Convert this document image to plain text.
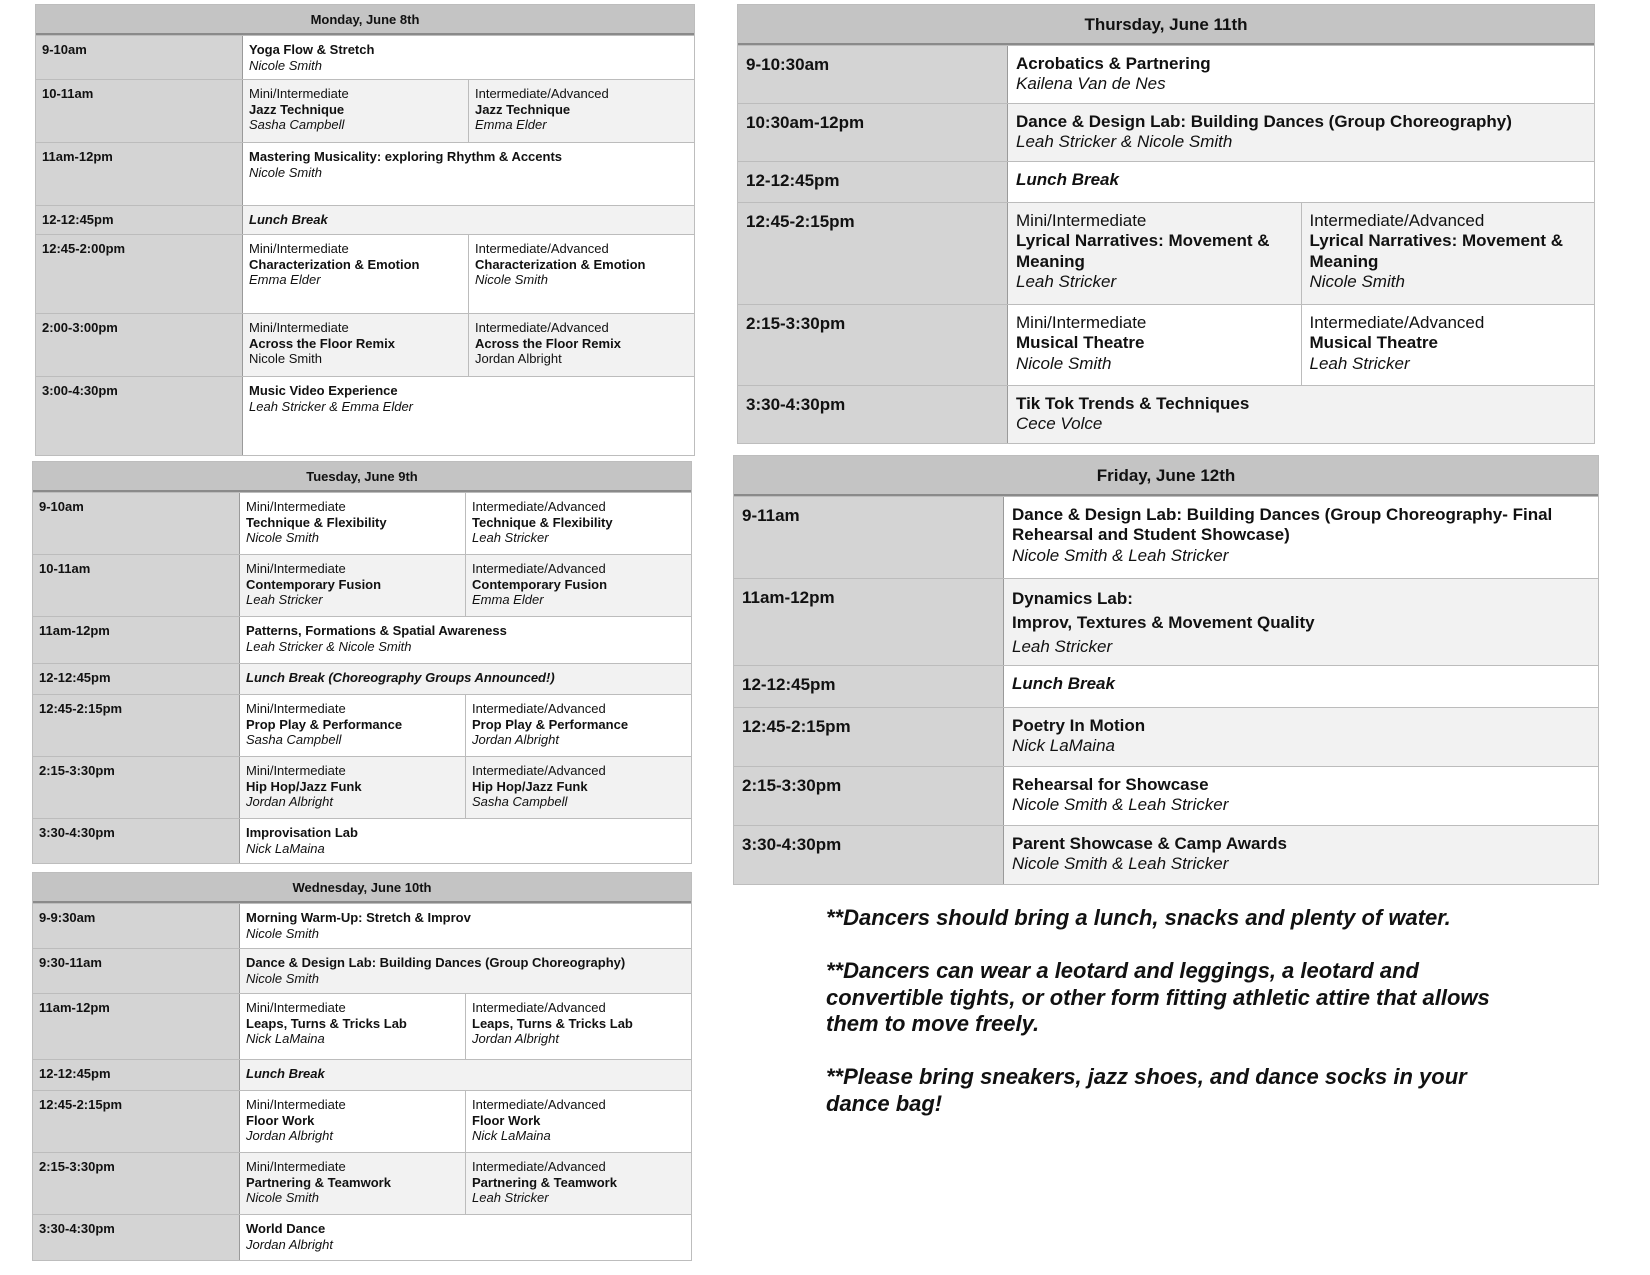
Monday, June 8th
9-10am	Yoga Flow & Stretch
Nicole Smith
10-11am	Mini/Intermediate
Jazz Technique
Sasha Campbell
Intermediate/Advanced
Jazz Technique
Emma Elder
11am-12pm	Mastering Musicality: exploring Rhythm & Accents
Nicole Smith
12-12:45pm	Lunch Break
12:45-2:00pm	Mini/Intermediate
Characterization & Emotion
Emma Elder
Intermediate/Advanced
Characterization & Emotion
Nicole Smith
2:00-3:00pm	Mini/Intermediate
Across the Floor Remix
Nicole Smith
Intermediate/Advanced
Across the Floor Remix
Jordan Albright
3:00-4:30pm	Music Video Experience
Leah Stricker & Emma Elder
Tuesday, June 9th
9-10am	Mini/Intermediate
Technique & Flexibility
Nicole Smith
Intermediate/Advanced
Technique & Flexibility
Leah Stricker
10-11am	Mini/Intermediate
Contemporary Fusion
Leah Stricker
Intermediate/Advanced
Contemporary Fusion
Emma Elder
11am-12pm	Patterns, Formations & Spatial Awareness
Leah Stricker & Nicole Smith
12-12:45pm	Lunch Break (Choreography Groups Announced!)
12:45-2:15pm	Mini/Intermediate
Prop Play & Performance
Sasha Campbell
Intermediate/Advanced
Prop Play & Performance
Jordan Albright
2:15-3:30pm	Mini/Intermediate
Hip Hop/Jazz Funk
Jordan Albright
Intermediate/Advanced
Hip Hop/Jazz Funk
Sasha Campbell
3:30-4:30pm	Improvisation Lab
Nick LaMaina
Wednesday, June 10th
9-9:30am	Morning Warm-Up: Stretch & Improv
Nicole Smith
9:30-11am	Dance & Design Lab: Building Dances (Group Choreography)
Nicole Smith
11am-12pm	Mini/Intermediate
Leaps, Turns & Tricks Lab
Nick LaMaina
Intermediate/Advanced
Leaps, Turns & Tricks Lab
Jordan Albright
12-12:45pm	Lunch Break
12:45-2:15pm	Mini/Intermediate
Floor Work
Jordan Albright
Intermediate/Advanced
Floor Work
Nick LaMaina
2:15-3:30pm	Mini/Intermediate
Partnering & Teamwork
Nicole Smith
Intermediate/Advanced
Partnering & Teamwork
Leah Stricker
3:30-4:30pm	World Dance
Jordan Albright
Thursday, June 11th
9-10:30am	Acrobatics & Partnering
Kailena Van de Nes
10:30am-12pm	Dance & Design Lab: Building Dances (Group Choreography)
Leah Stricker & Nicole Smith
12-12:45pm	Lunch Break
12:45-2:15pm	Mini/Intermediate
Lyrical Narratives: Movement & Meaning
Leah Stricker
Intermediate/Advanced
Lyrical Narratives: Movement & Meaning
Nicole Smith
2:15-3:30pm	Mini/Intermediate
Musical Theatre
Nicole Smith
Intermediate/Advanced
Musical Theatre
Leah Stricker
3:30-4:30pm	Tik Tok Trends & Techniques
Cece Volce
Friday, June 12th
9-11am	Dance & Design Lab: Building Dances (Group Choreography- Final Rehearsal and Student Showcase)
Nicole Smith & Leah Stricker
11am-12pm	Dynamics Lab:
Improv, Textures & Movement Quality
Leah Stricker
12-12:45pm	Lunch Break
12:45-2:15pm	Poetry In Motion
Nick LaMaina
2:15-3:30pm	Rehearsal for Showcase
Nicole Smith & Leah Stricker
3:30-4:30pm	Parent Showcase & Camp Awards
Nicole Smith & Leah Stricker

**Dancers should bring a lunch, snacks and plenty of water.

**Dancers can wear a leotard and leggings, a leotard and convertible tights, or other form fitting athletic attire that allows them to move freely.

**Please bring sneakers, jazz shoes, and dance socks in your dance bag!
